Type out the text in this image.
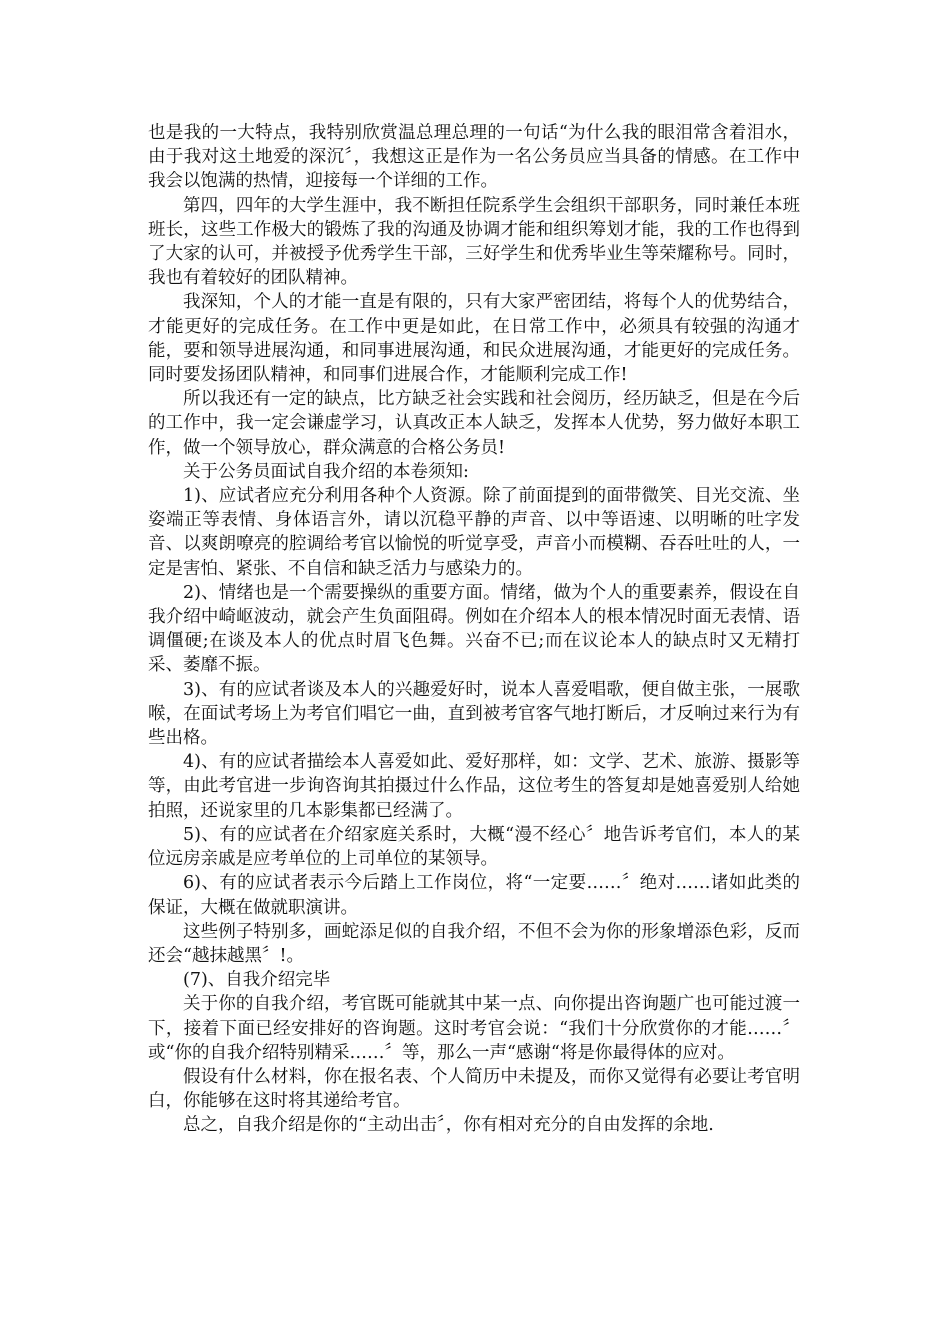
也是我的一大特点，我特别欣赏温总理总理的一句话“为什么我的眼泪常含着泪水，由于我对这土地爱的深沉〞，我想这正是作为一名公务员应当具备的情感。在工作中我会以饱满的热情，迎接每一个详细的工作。

第四，四年的大学生涯中，我不断担任院系学生会组织干部职务，同时兼任本班班长，这些工作极大的锻炼了我的沟通及协调才能和组织筹划才能，我的工作也得到了大家的认可，并被授予优秀学生干部，三好学生和优秀毕业生等荣耀称号。同时，我也有着较好的团队精神。

我深知，个人的才能一直是有限的，只有大家严密团结，将每个人的优势结合，才能更好的完成任务。在工作中更是如此，在日常工作中，必须具有较强的沟通才能，要和领导进展沟通，和同事进展沟通，和民众进展沟通，才能更好的完成任务。同时要发扬团队精神，和同事们进展合作，才能顺利完成工作!

所以我还有一定的缺点，比方缺乏社会实践和社会阅历，经历缺乏，但是在今后的工作中，我一定会谦虚学习，认真改正本人缺乏，发挥本人优势，努力做好本职工作，做一个领导放心，群众满意的合格公务员!

关于公务员面试自我介绍的本卷须知:

1)、应试者应充分利用各种个人资源。除了前面提到的面带微笑、目光交流、坐姿端正等表情、身体语言外，请以沉稳平静的声音、以中等语速、以明晰的吐字发音、以爽朗嘹亮的腔调给考官以愉悦的听觉享受，声音小而模糊、吞吞吐吐的人，一定是害怕、紧张、不自信和缺乏活力与感染力的。

2)、情绪也是一个需要操纵的重要方面。情绪，做为个人的重要素养，假设在自我介绍中崎岖波动，就会产生负面阻碍。例如在介绍本人的根本情况时面无表情、语调僵硬;在谈及本人的优点时眉飞色舞。兴奋不已;而在议论本人的缺点时又无精打采、萎靡不振。

3)、有的应试者谈及本人的兴趣爱好时，说本人喜爱唱歌，便自做主张，一展歌喉，在面试考场上为考官们唱它一曲，直到被考官客气地打断后，才反响过来行为有些出格。

4)、有的应试者描绘本人喜爱如此、爱好那样，如：文学、艺术、旅游、摄影等等，由此考官进一步询咨询其拍摄过什么作品，这位考生的答复却是她喜爱别人给她拍照，还说家里的几本影集都已经满了。

5)、有的应试者在介绍家庭关系时，大概“漫不经心〞地告诉考官们，本人的某位远房亲戚是应考单位的上司单位的某领导。

6)、有的应试者表示今后踏上工作岗位，将“一定要……〞绝对……诸如此类的保证，大概在做就职演讲。

这些例子特别多，画蛇添足似的自我介绍，不但不会为你的形象增添色彩，反而还会“越抹越黑〞!。

(7)、自我介绍完毕

关于你的自我介绍，考官既可能就其中某一点、向你提出咨询题广也可能过渡一下，接着下面已经安排好的咨询题。这时考官会说：“我们十分欣赏你的才能……〞或“你的自我介绍特别精采……〞等，那么一声“感谢“将是你最得体的应对。

假设有什么材料，你在报名表、个人简历中未提及，而你又觉得有必要让考官明白，你能够在这时将其递给考官。

总之，自我介绍是你的“主动出击〞，你有相对充分的自由发挥的余地.
